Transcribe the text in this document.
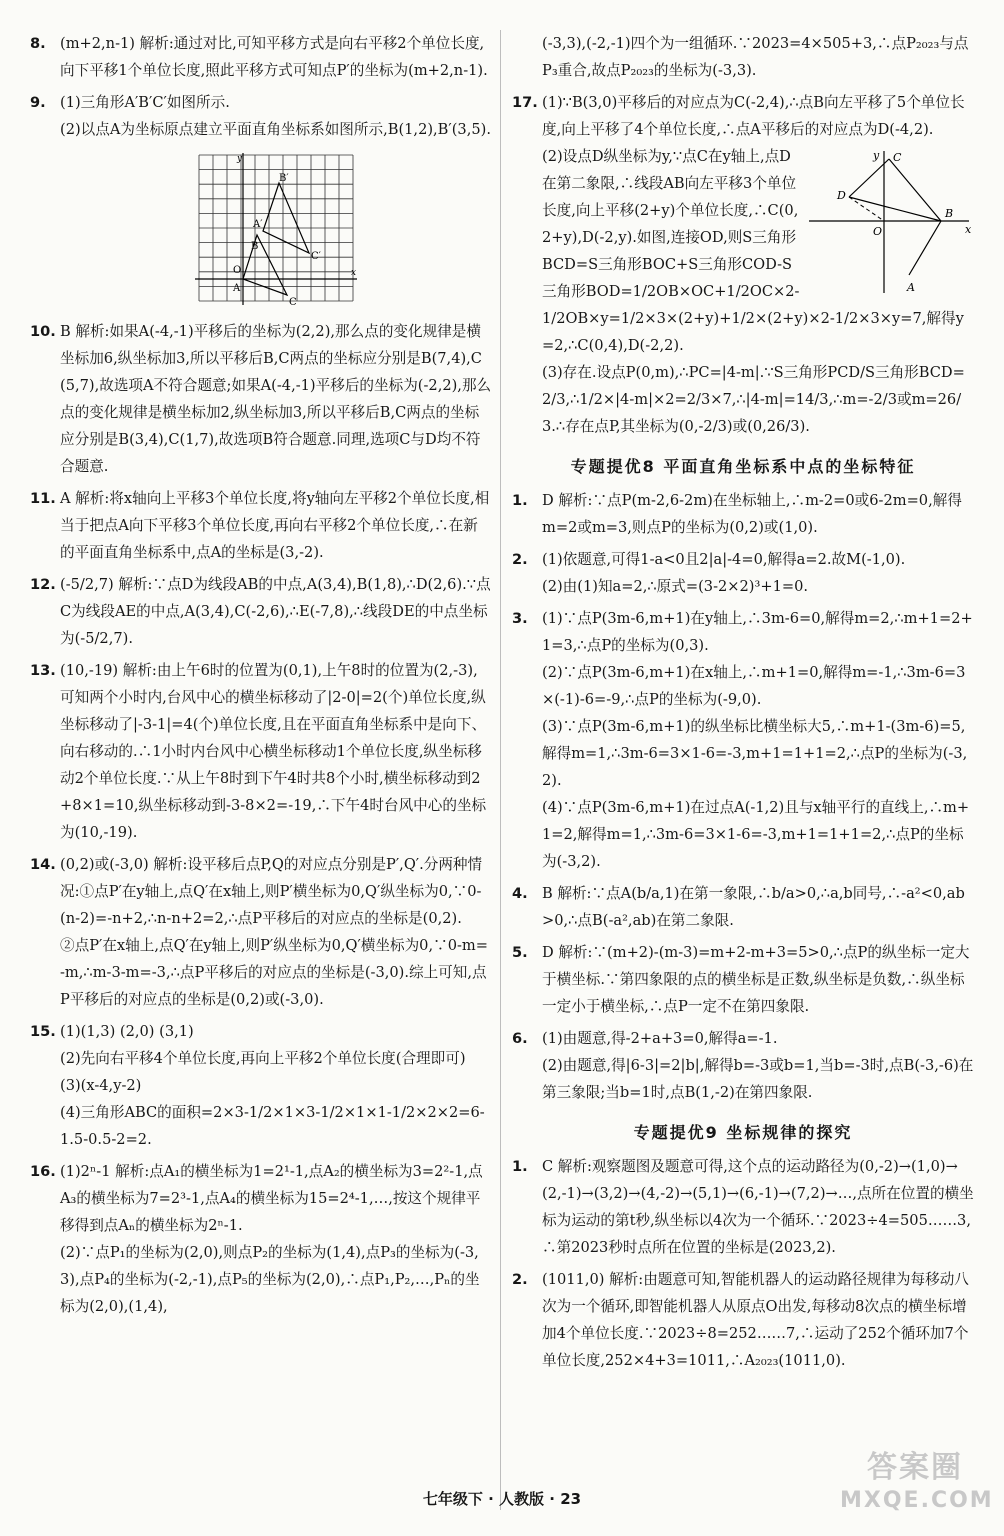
8. (m+2,n-1) 解析:通过对比,可知平移方式是向右平移2个单位长度,向下平移1个单位长度,照此平移方式可知点P′的坐标为(m+2,n-1).

9. (1)三角形A′B′C′如图所示.

(2)以点A为坐标原点建立平面直角坐标系如图所示,B(1,2),B′(3,5).

y
x
B′
C′
B
C
O
A
A′
10. B 解析:如果A(-4,-1)平移后的坐标为(2,2),那么点的变化规律是横坐标加6,纵坐标加3,所以平移后B,C两点的坐标应分别是B(7,4),C(5,7),故选项A不符合题意;如果A(-4,-1)平移后的坐标为(-2,2),那么点的变化规律是横坐标加2,纵坐标加3,所以平移后B,C两点的坐标应分别是B(3,4),C(1,7),故选项B符合题意.同理,选项C与D均不符合题意.

11. A 解析:将x轴向上平移3个单位长度,将y轴向左平移2个单位长度,相当于把点A向下平移3个单位长度,再向右平移2个单位长度,∴在新的平面直角坐标系中,点A的坐标是(3,-2).

12. (-5/2,7) 解析:∵点D为线段AB的中点,A(3,4),B(1,8),∴D(2,6).∵点C为线段AE的中点,A(3,4),C(-2,6),∴E(-7,8),∴线段DE的中点坐标为(-5/2,7).

13. (10,-19) 解析:由上午6时的位置为(0,1),上午8时的位置为(2,-3),可知两个小时内,台风中心的横坐标移动了|2-0|=2(个)单位长度,纵坐标移动了|-3-1|=4(个)单位长度,且在平面直角坐标系中是向下、向右移动的.∴1小时内台风中心横坐标移动1个单位长度,纵坐标移动2个单位长度.∵从上午8时到下午4时共8个小时,横坐标移动到2+8×1=10,纵坐标移动到-3-8×2=-19,∴下午4时台风中心的坐标为(10,-19).

14. (0,2)或(-3,0) 解析:设平移后点P,Q的对应点分别是P′,Q′.分两种情况:①点P′在y轴上,点Q′在x轴上,则P′横坐标为0,Q′纵坐标为0,∵0-(n-2)=-n+2,∴n-n+2=2,∴点P平移后的对应点的坐标是(0,2).

②点P′在x轴上,点Q′在y轴上,则P′纵坐标为0,Q′横坐标为0,∵0-m=-m,∴m-3-m=-3,∴点P平移后的对应点的坐标是(-3,0).综上可知,点P平移后的对应点的坐标是(0,2)或(-3,0).

15. (1)(1,3) (2,0) (3,1)

(2)先向右平移4个单位长度,再向上平移2个单位长度(合理即可)

(3)(x-4,y-2)

(4)三角形ABC的面积=2×3-1/2×1×3-1/2×1×1-1/2×2×2=6-1.5-0.5-2=2.

16. (1)2ⁿ-1 解析:点A₁的横坐标为1=2¹-1,点A₂的横坐标为3=2²-1,点A₃的横坐标为7=2³-1,点A₄的横坐标为15=2⁴-1,…,按这个规律平移得到点Aₙ的横坐标为2ⁿ-1.

(2)∵点P₁的坐标为(2,0),则点P₂的坐标为(1,4),点P₃的坐标为(-3,3),点P₄的坐标为(-2,-1),点P₅的坐标为(2,0),∴点P₁,P₂,…,Pₙ的坐标为(2,0),(1,4),

(-3,3),(-2,-1)四个为一组循环.∵2023=4×505+3,∴点P₂₀₂₃与点P₃重合,故点P₂₀₂₃的坐标为(-3,3).

17. (1)∵B(3,0)平移后的对应点为C(-2,4),∴点B向左平移了5个单位长度,向上平移了4个单位长度,∴点A平移后的对应点为D(-4,2).

y
x
C
D
O
B
A

(2)设点D纵坐标为y,∵点C在y轴上,点D在第二象限,∴线段AB向左平移3个单位长度,向上平移(2+y)个单位长度,∴C(0,2+y),D(-2,y).如图,连接OD,则S三角形BCD=S三角形BOC+S三角形COD-S三角形BOD=1/2OB×OC+1/2OC×2-1/2OB×y=1/2×3×(2+y)+1/2×(2+y)×2-1/2×3×y=7,解得y=2,∴C(0,4),D(-2,2).

(3)存在.设点P(0,m),∴PC=|4-m|.∵S三角形PCD/S三角形BCD=2/3,∴1/2×|4-m|×2=2/3×7,∴|4-m|=14/3,∴m=-2/3或m=26/3.∴存在点P,其坐标为(0,-2/3)或(0,26/3).

专题提优8 平面直角坐标系中点的坐标特征
1. D 解析:∵点P(m-2,6-2m)在坐标轴上,∴m-2=0或6-2m=0,解得m=2或m=3,则点P的坐标为(0,2)或(1,0).

2. (1)依题意,可得1-a<0且2|a|-4=0,解得a=2.故M(-1,0).

(2)由(1)知a=2,∴原式=(3-2×2)³+1=0.

3. (1)∵点P(3m-6,m+1)在y轴上,∴3m-6=0,解得m=2,∴m+1=2+1=3,∴点P的坐标为(0,3).

(2)∵点P(3m-6,m+1)在x轴上,∴m+1=0,解得m=-1,∴3m-6=3×(-1)-6=-9,∴点P的坐标为(-9,0).

(3)∵点P(3m-6,m+1)的纵坐标比横坐标大5,∴m+1-(3m-6)=5,解得m=1,∴3m-6=3×1-6=-3,m+1=1+1=2,∴点P的坐标为(-3,2).

(4)∵点P(3m-6,m+1)在过点A(-1,2)且与x轴平行的直线上,∴m+1=2,解得m=1,∴3m-6=3×1-6=-3,m+1=1+1=2,∴点P的坐标为(-3,2).

4. B 解析:∵点A(b/a,1)在第一象限,∴b/a>0,∴a,b同号,∴-a²<0,ab>0,∴点B(-a²,ab)在第二象限.

5. D 解析:∵(m+2)-(m-3)=m+2-m+3=5>0,∴点P的纵坐标一定大于横坐标.∵第四象限的点的横坐标是正数,纵坐标是负数,∴纵坐标一定小于横坐标,∴点P一定不在第四象限.

6. (1)由题意,得-2+a+3=0,解得a=-1.

(2)由题意,得|6-3|=2|b|,解得b=-3或b=1,当b=-3时,点B(-3,-6)在第三象限;当b=1时,点B(1,-2)在第四象限.

专题提优9 坐标规律的探究
1. C 解析:观察题图及题意可得,这个点的运动路径为(0,-2)→(1,0)→(2,-1)→(3,2)→(4,-2)→(5,1)→(6,-1)→(7,2)→…,点所在位置的横坐标为运动的第t秒,纵坐标以4次为一个循环.∵2023÷4=505……3,∴第2023秒时点所在位置的坐标是(2023,2).

2. (1011,0) 解析:由题意可知,智能机器人的运动路径规律为每移动八次为一个循环,即智能机器人从原点O出发,每移动8次点的横坐标增加4个单位长度.∵2023÷8=252……7,∴运动了252个循环加7个单位长度,252×4+3=1011,∴A₂₀₂₃(1011,0).

七年级下 · 人教版 · 23
答案圈
MXQE.COM
